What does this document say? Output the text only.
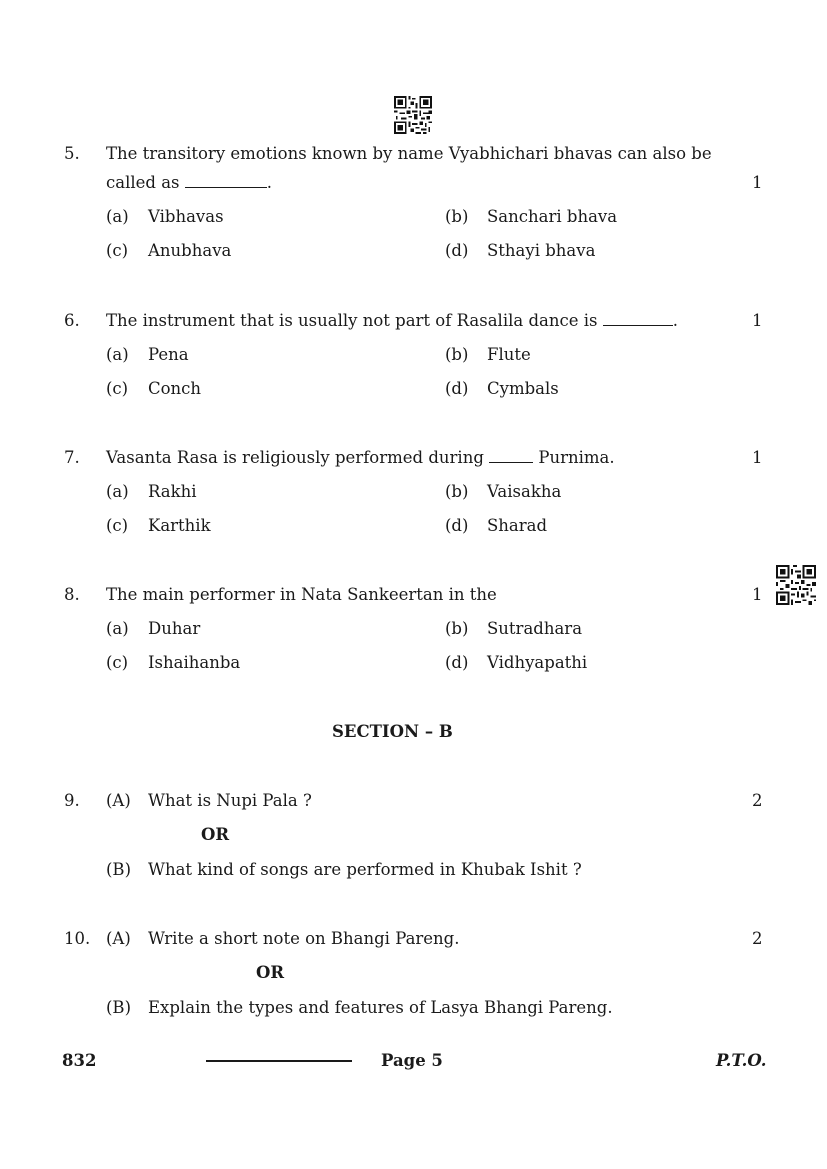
5. The transitory emotions known by name Vyabhichari bhavas can also be
called as	.	1
(a) Vibhavas	(b) Sanchari bhava
(c) Anubhava	(d) Sthayi bhava
6. The instrument that is usually not part of Rasalila dance is	.	1
(a) Pena	(b) Flute
(c) Conch	(d) Cymbals
7. Vasanta Rasa is religiously performed during	Purnima.	1
(a) Rakhi	(b) Vaisakha
(c) Karthik	(d) Sharad
8. The main performer in Nata Sankeertan in the	1
(a) Duhar	(b) Sutradhara
(c) Ishaihanba	(d) Vidhyapathi
SECTION – B
9. (A) What is Nupi Pala ?	2
OR
(B) What kind of songs are performed in Khubak Ishit ?
10. (A) Write a short note on Bhangi Pareng.	2
OR
(B) Explain the types and features of Lasya Bhangi Pareng.
832	Page 5	P.T.O.
